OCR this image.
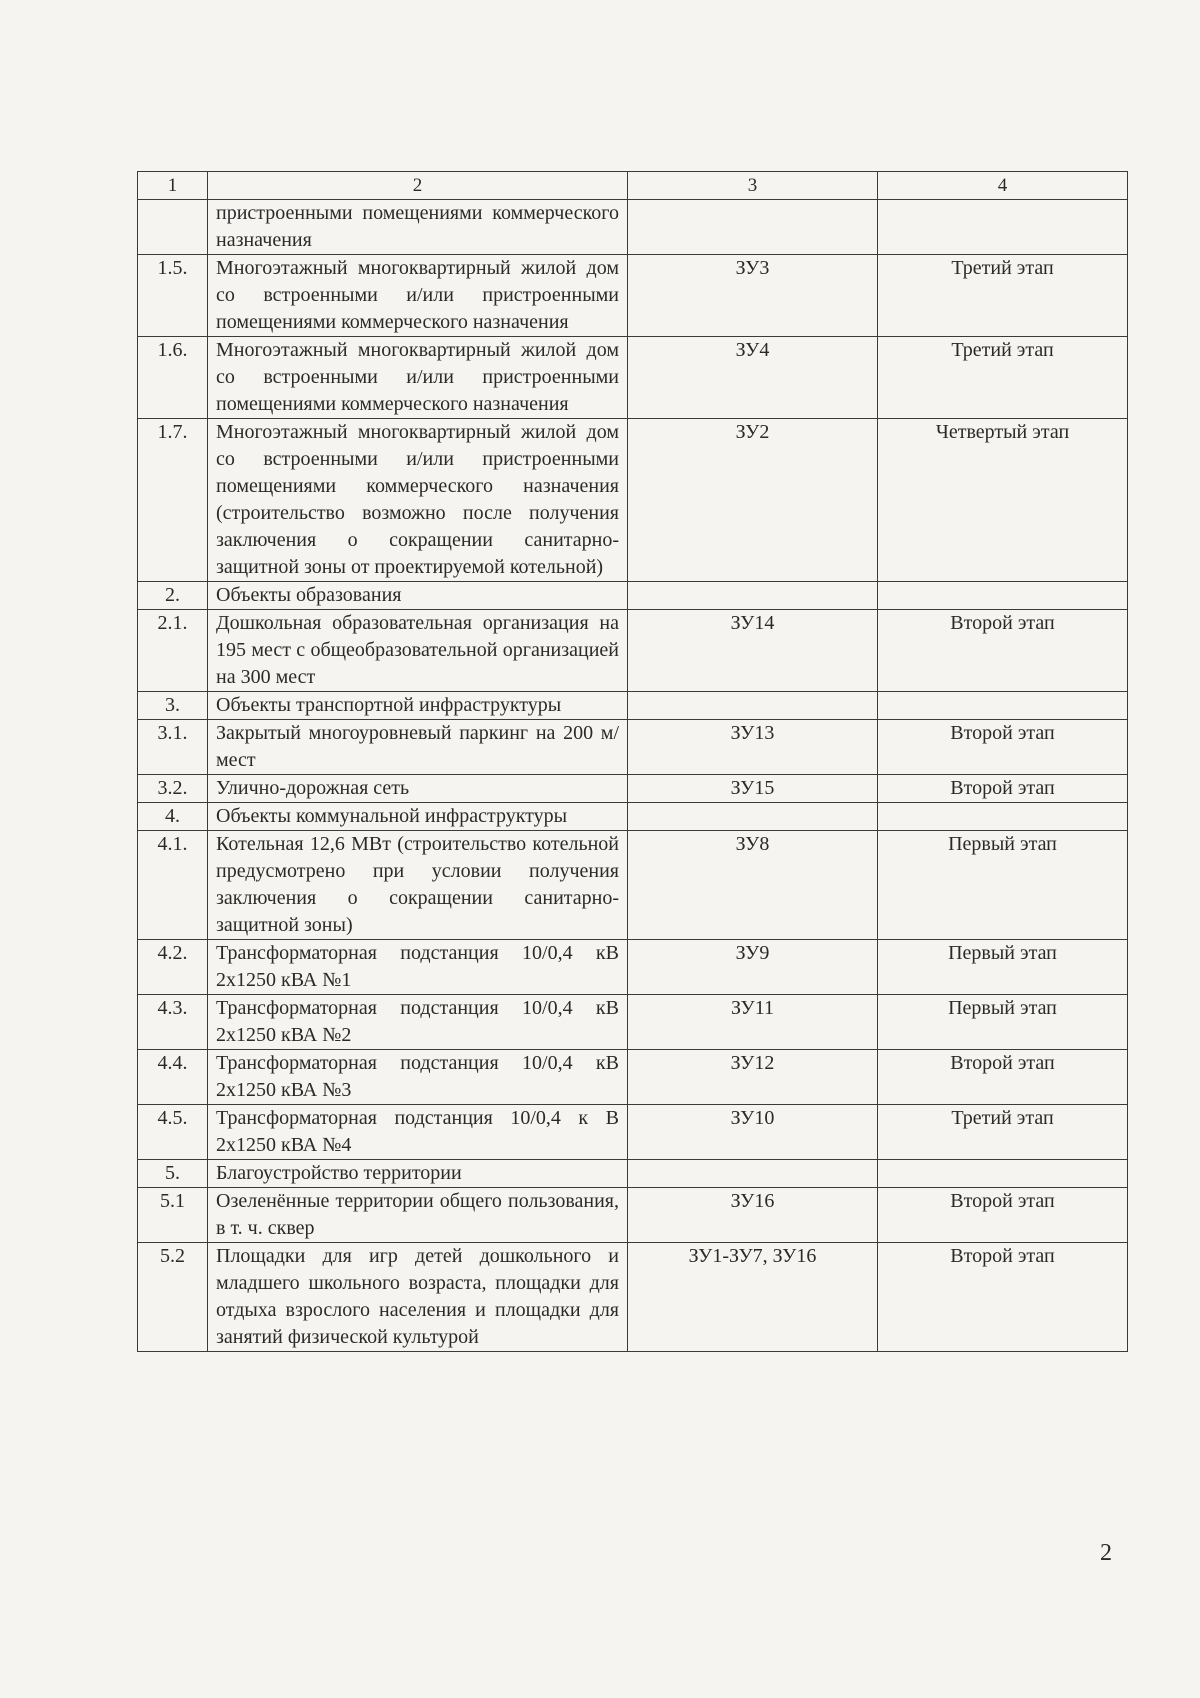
1	2	3	4
	пристроенными помещениями коммерческого назначения		
1.5.	Многоэтажный многоквартирный жилой дом со встроенными и/или пристроенными помещениями коммерческого назначения	ЗУ3	Третий этап
1.6.	Многоэтажный многоквартирный жилой дом со встроенными и/или пристроенными помещениями коммерческого назначения	ЗУ4	Третий этап
1.7.	Многоэтажный многоквартирный жилой дом со встроенными и/или пристроенными помещениями коммерческого назначения (строительство возможно после получения заключения о сокращении санитарно-защитной зоны от проектируемой котельной)	ЗУ2	Четвертый этап
2.	Объекты образования		
2.1.	Дошкольная образовательная организация на 195 мест с общеобразовательной организацией на 300 мест	ЗУ14	Второй этап
3.	Объекты транспортной инфраструктуры		
3.1.	Закрытый многоуровневый паркинг на 200 м/мест	ЗУ13	Второй этап
3.2.	Улично-дорожная сеть	ЗУ15	Второй этап
4.	Объекты коммунальной инфраструктуры		
4.1.	Котельная 12,6 МВт (строительство котельной предусмотрено при условии получения заключения о сокращении санитарно-защитной зоны)	ЗУ8	Первый этап
4.2.	Трансформаторная подстанция 10/0,4 кВ 2х1250 кВА №1	ЗУ9	Первый этап
4.3.	Трансформаторная подстанция 10/0,4 кВ 2х1250 кВА №2	ЗУ11	Первый этап
4.4.	Трансформаторная подстанция 10/0,4 кВ 2х1250 кВА №3	ЗУ12	Второй этап
4.5.	Трансформаторная подстанция 10/0,4 к В 2х1250 кВА №4	ЗУ10	Третий этап
5.	Благоустройство территории		
5.1	Озеленённые территории общего пользования, в т. ч. сквер	ЗУ16	Второй этап
5.2	Площадки для игр детей дошкольного и младшего школьного возраста, площадки для отдыха взрослого населения и площадки для занятий физической культурой	ЗУ1-ЗУ7, ЗУ16	Второй этап
2
